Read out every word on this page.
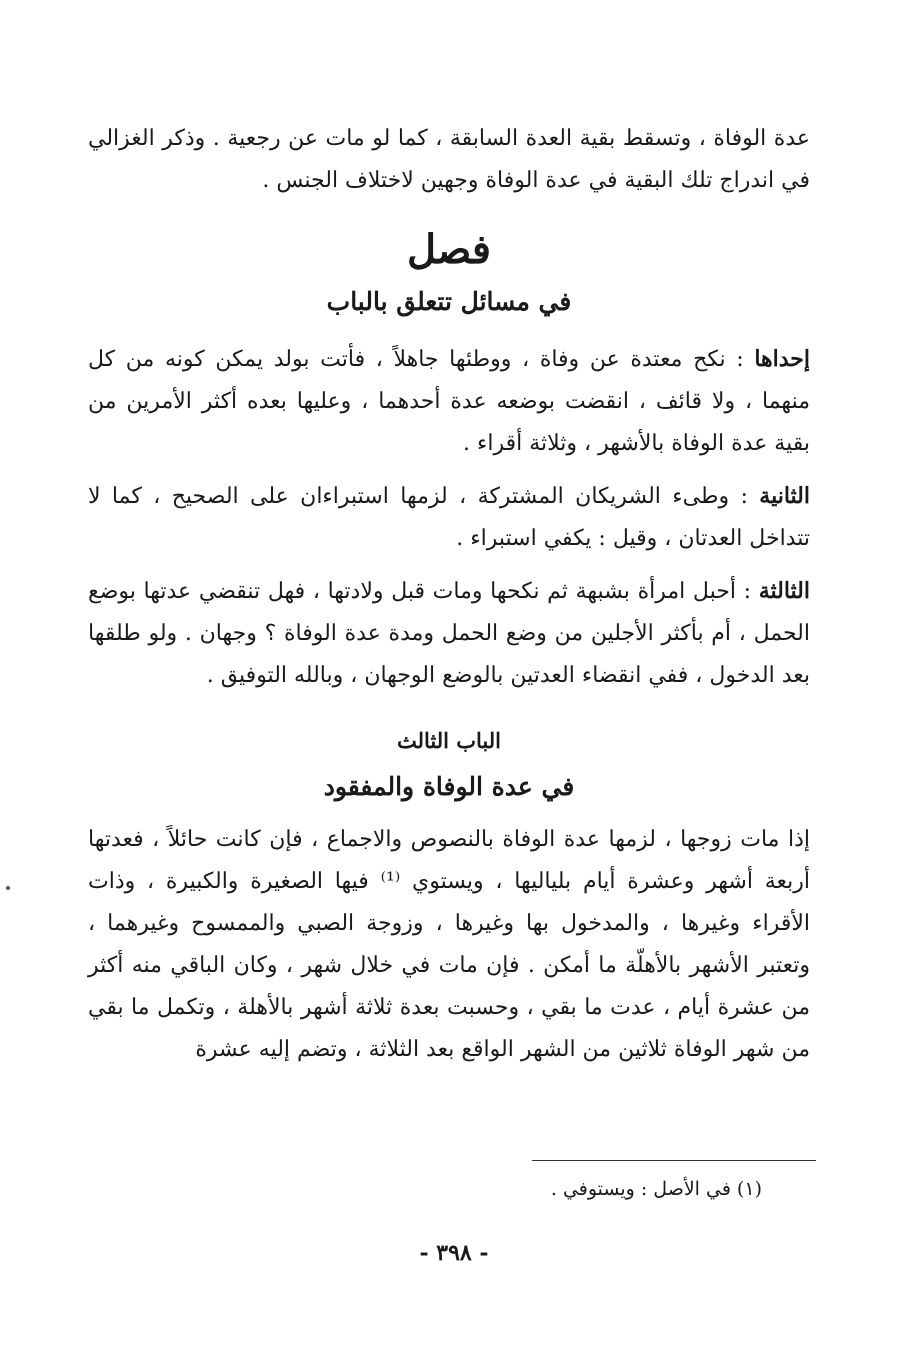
عدة الوفاة ، وتسقط بقية العدة السابقة ، كما لو مات عن رجعية . وذكر الغزالي في اندراج تلك البقية في عدة الوفاة وجهين لاختلاف الجنس .

فصل
في مسائل تتعلق بالباب

إحداها : نكح معتدة عن وفاة ، ووطئها جاهلاً ، فأتت بولد يمكن كونه من كل منهما ، ولا قائف ، انقضت بوضعه عدة أحدهما ، وعليها بعده أكثر الأمرين من بقية عدة الوفاة بالأشهر ، وثلاثة أقراء .

الثانية : وطىء الشريكان المشتركة ، لزمها استبراءان على الصحيح ، كما لا تتداخل العدتان ، وقيل : يكفي استبراء .

الثالثة : أحبل امرأة بشبهة ثم نكحها ومات قبل ولادتها ، فهل تنقضي عدتها بوضع الحمل ، أم بأكثر الأجلين من وضع الحمل ومدة عدة الوفاة ؟ وجهان . ولو طلقها بعد الدخول ، ففي انقضاء العدتين بالوضع الوجهان ، وبالله التوفيق .

الباب الثالث
في عدة الوفاة والمفقود

إذا مات زوجها ، لزمها عدة الوفاة بالنصوص والاجماع ، فإن كانت حائلاً ، فعدتها أربعة أشهر وعشرة أيام بلياليها ، ويستوي ⁽¹⁾ فيها الصغيرة والكبيرة ، وذات الأقراء وغيرها ، والمدخول بها وغيرها ، وزوجة الصبي والممسوح وغيرهما ، وتعتبر الأشهر بالأهلّة ما أمكن . فإن مات في خلال شهر ، وكان الباقي منه أكثر من عشرة أيام ، عدت ما بقي ، وحسبت بعدة ثلاثة أشهر بالأهلة ، وتكمل ما بقي من شهر الوفاة ثلاثين من الشهر الواقع بعد الثلاثة ، وتضم إليه عشرة

(١) في الأصل : ويستوفي .
- ٣٩٨ -
